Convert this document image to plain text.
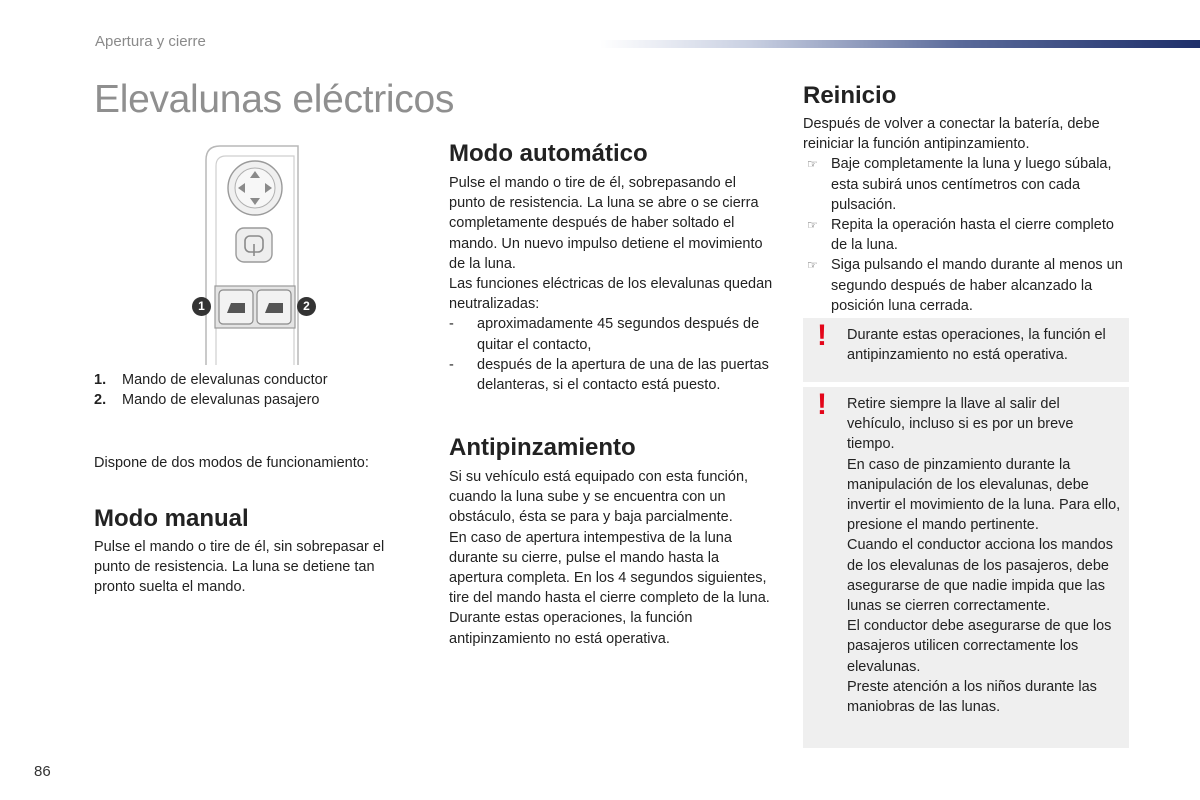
Apertura y cierre
Elevalunas eléctricos
1	2
1. Mando de elevalunas conductor
2. Mando de elevalunas pasajero
Dispone de dos modos de funcionamiento:
Modo manual

Pulse el mando o tire de él, sin sobrepasar el punto de resistencia. La luna se detiene tan pronto suelta el mando.

Modo automático

Pulse el mando o tire de él, sobrepasando el punto de resistencia. La luna se abre o se cierra completamente después de haber soltado el mando. Un nuevo impulso detiene el movimiento de la luna.

Las funciones eléctricas de los elevalunas quedan neutralizadas:

- aproximadamente 45 segundos después de quitar el contacto,
- después de la apertura de una de las puertas delanteras, si el contacto está puesto.
Antipinzamiento

Si su vehículo está equipado con esta función, cuando la luna sube y se encuentra con un obstáculo, ésta se para y baja parcialmente.

En caso de apertura intempestiva de la luna durante su cierre, pulse el mando hasta la apertura completa. En los 4 segundos siguientes, tire del mando hasta el cierre completo de la luna.

Durante estas operaciones, la función antipinzamiento no está operativa.

Reinicio

Después de volver a conectar la batería, debe reiniciar la función antipinzamiento.

☞ Baje completamente la luna y luego súbala, esta subirá unos centímetros con cada pulsación.
☞ Repita la operación hasta el cierre completo de la luna.
☞ Siga pulsando el mando durante al menos un segundo después de haber alcanzado la posición luna cerrada.
! Durante estas operaciones, la función el antipinzamiento no está operativa.
! Retire siempre la llave al salir del vehículo, incluso si es por un breve tiempo.

En caso de pinzamiento durante la manipulación de los elevalunas, debe invertir el movimiento de la luna. Para ello, presione el mando pertinente.

Cuando el conductor acciona los mandos de los elevalunas de los pasajeros, debe asegurarse de que nadie impida que las lunas se cierren correctamente.

El conductor debe asegurarse de que los pasajeros utilicen correctamente los elevalunas.

Preste atención a los niños durante las maniobras de las lunas.

86
